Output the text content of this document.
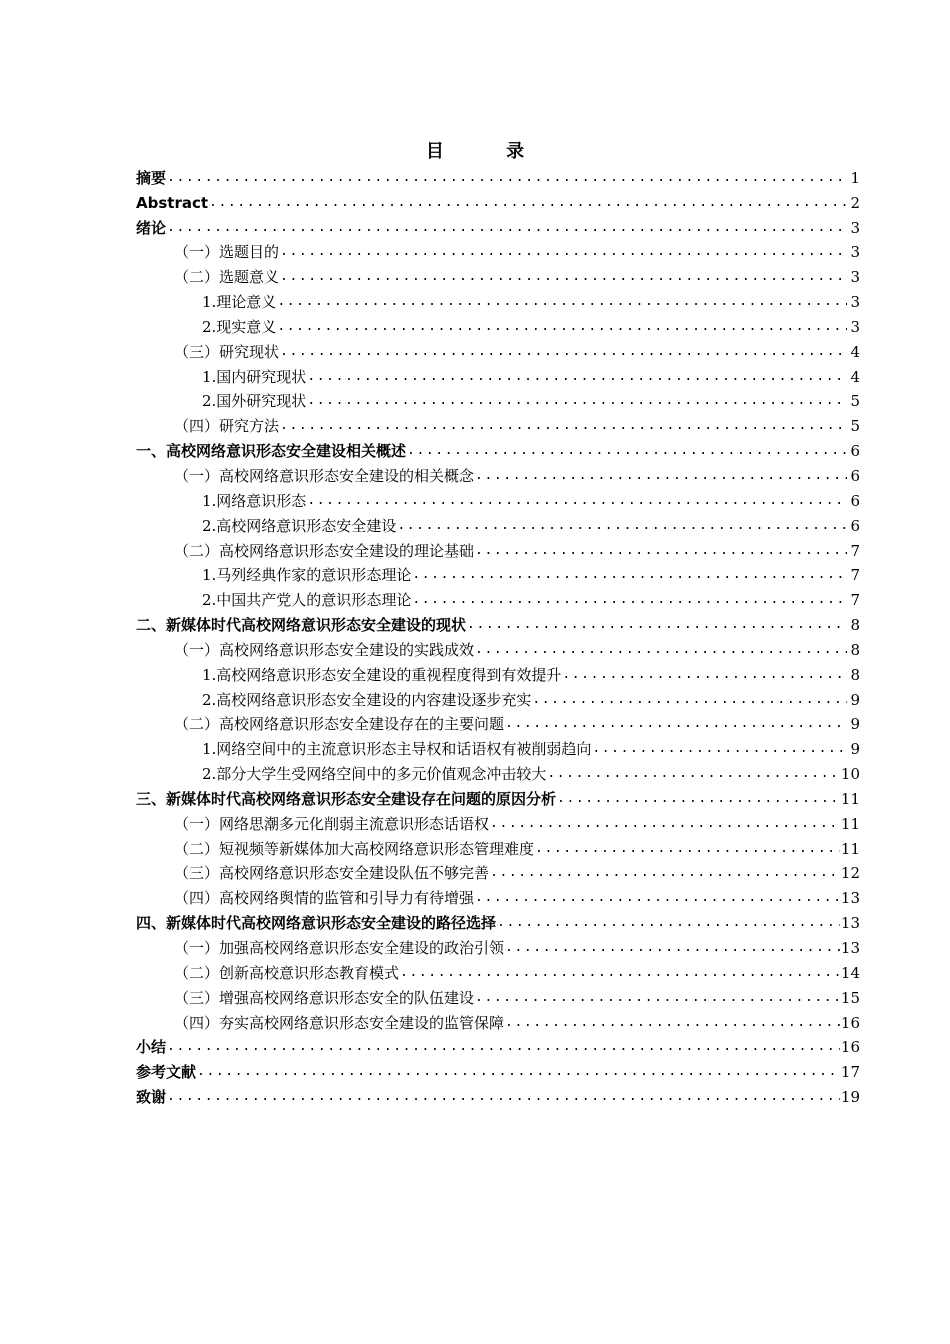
目 录
摘要 .....	1
Abstract .....	2
绪论 .....	3
（一）选题目的 .....	3
（二）选题意义 .....	3
1.理论意义 .....	3
2.现实意义 .....	3
（三）研究现状 .....	4
1.国内研究现状 .....	4
2.国外研究现状 .....	5
（四）研究方法 .....	5
一、高校网络意识形态安全建设相关概述 .....	6
（一）高校网络意识形态安全建设的相关概念 .....	6
1.网络意识形态 .....	6
2.高校网络意识形态安全建设 .....	6
（二）高校网络意识形态安全建设的理论基础 .....	7
1.马列经典作家的意识形态理论 .....	7
2.中国共产党人的意识形态理论 .....	7
二、新媒体时代高校网络意识形态安全建设的现状 .....	8
（一）高校网络意识形态安全建设的实践成效 .....	8
1.高校网络意识形态安全建设的重视程度得到有效提升 .....	8
2.高校网络意识形态安全建设的内容建设逐步充实 .....	9
（二）高校网络意识形态安全建设存在的主要问题 .....	9
1.网络空间中的主流意识形态主导权和话语权有被削弱趋向 .....	9
2.部分大学生受网络空间中的多元价值观念冲击较大 .....	10
三、新媒体时代高校网络意识形态安全建设存在问题的原因分析 .....	11
（一）网络思潮多元化削弱主流意识形态话语权 .....	11
（二）短视频等新媒体加大高校网络意识形态管理难度 .....	11
（三）高校网络意识形态安全建设队伍不够完善 .....	12
（四）高校网络舆情的监管和引导力有待增强 .....	13
四、新媒体时代高校网络意识形态安全建设的路径选择 .....	13
（一）加强高校网络意识形态安全建设的政治引领 .....	13
（二）创新高校意识形态教育模式 .....	14
（三）增强高校网络意识形态安全的队伍建设 .....	15
（四）夯实高校网络意识形态安全建设的监管保障 .....	16
小结 .....	16
参考文献 .....	17
致谢 .....	19
